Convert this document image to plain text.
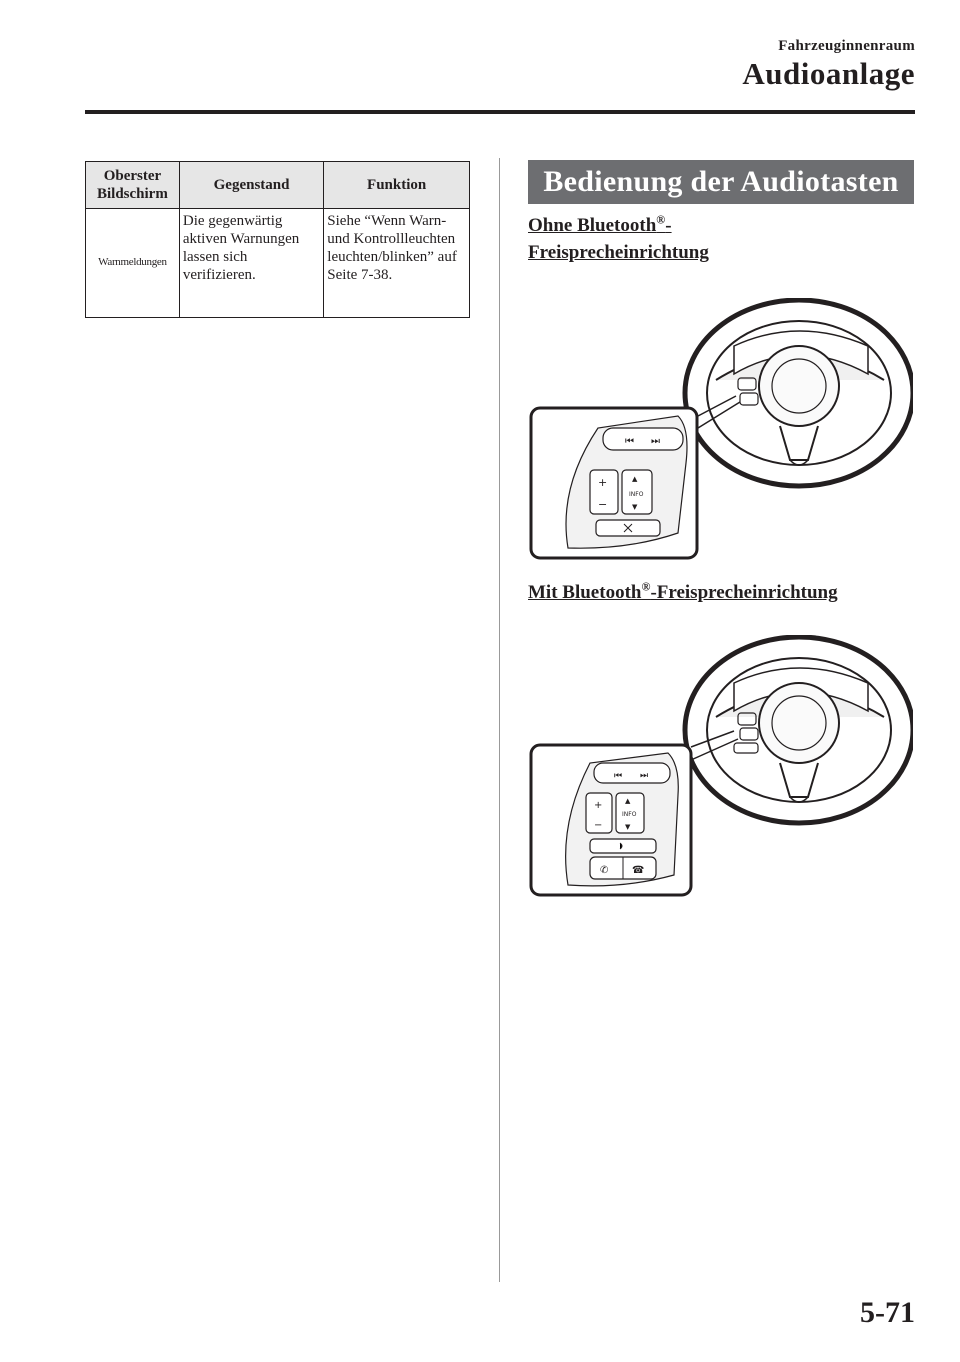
Fahrzeuginnenraum
Audioanlage
Oberster Bildschirm	Gegenstand	Funktion
Warnmeldungen	Die gegenwärtig aktiven Warnungen lassen sich verifizieren.	Siehe “Wenn Warn- und Kontrollleuchten leuchten/blinken” auf Seite 7-38.
Bedienung der Audiotasten
Ohne Bluetooth®-Freisprecheinrichtung
⏮ ⏭
+
−
▲
INFO
▼
Mit Bluetooth®-Freisprecheinrichtung
⏮ ⏭
+
−
▲
INFO
▼
✆ ☎
5-71
